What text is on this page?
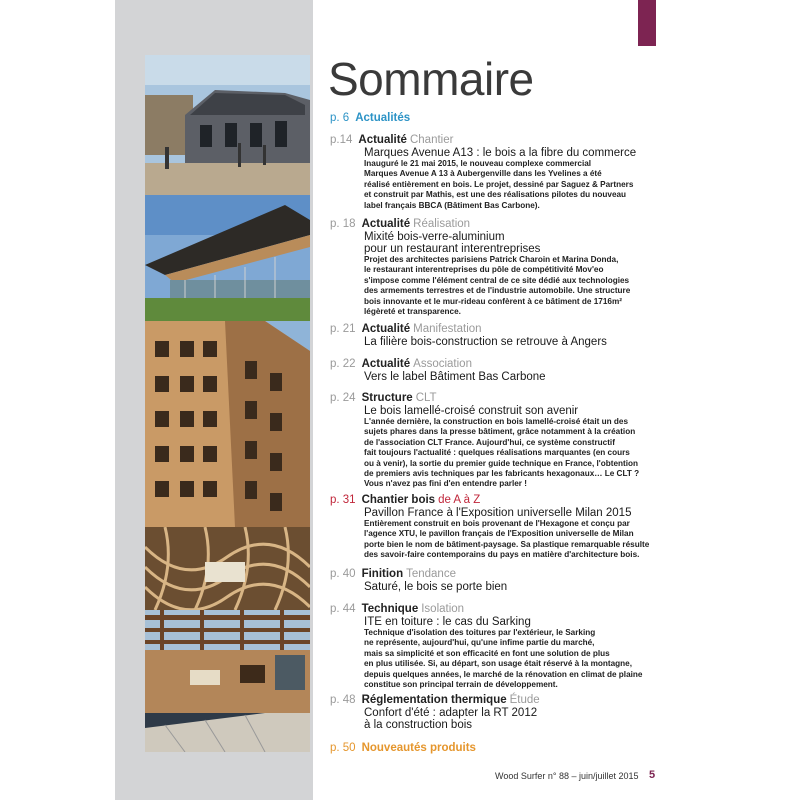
Sommaire
p. 6 Actualités
p.14 Actualité Chantier
Marques Avenue A13 : le bois a la fibre du commerce
Inauguré le 21 mai 2015, le nouveau complexe commercial
Marques Avenue A 13 à Aubergenville dans les Yvelines a été
réalisé entièrement en bois. Le projet, dessiné par Saguez & Partners
et construit par Mathis, est une des réalisations pilotes du nouveau
label français BBCA (Bâtiment Bas Carbone).
p. 18 Actualité Réalisation
Mixité bois-verre-aluminium
pour un restaurant interentreprises
Projet des architectes parisiens Patrick Charoin et Marina Donda,
le restaurant interentreprises du pôle de compétitivité Mov'eo
s'impose comme l'élément central de ce site dédié aux technologies
des armements terrestres et de l'industrie automobile. Une structure
bois innovante et le mur-rideau confèrent à ce bâtiment de 1716m²
légèreté et transparence.
p. 21 Actualité Manifestation
La filière bois-construction se retrouve à Angers
p. 22 Actualité Association
Vers le label Bâtiment Bas Carbone
p. 24 Structure CLT
Le bois lamellé-croisé construit son avenir
L'année dernière, la construction en bois lamellé-croisé était un des
sujets phares dans la presse bâtiment, grâce notamment à la création
de l'association CLT France. Aujourd'hui, ce système constructif
fait toujours l'actualité : quelques réalisations marquantes (en cours
ou à venir), la sortie du premier guide technique en France, l'obtention
de premiers avis techniques par les fabricants hexagonaux… Le CLT ?
Vous n'avez pas fini d'en entendre parler !
p. 31 Chantier bois de A à Z
Pavillon France à l'Exposition universelle Milan 2015
Entièrement construit en bois provenant de l'Hexagone et conçu par
l'agence XTU, le pavillon français de l'Exposition universelle de Milan
porte bien le nom de bâtiment-paysage. Sa plastique remarquable résulte
des savoir-faire contemporains du pays en matière d'architecture bois.
p. 40 Finition Tendance
Saturé, le bois se porte bien
p. 44 Technique Isolation
ITE en toiture : le cas du Sarking
Technique d'isolation des toitures par l'extérieur, le Sarking
ne représente, aujourd'hui, qu'une infime partie du marché,
mais sa simplicité et son efficacité en font une solution de plus
en plus utilisée. Si, au départ, son usage était réservé à la montagne,
depuis quelques années, le marché de la rénovation en climat de plaine
constitue son principal terrain de développement.
p. 48 Réglementation thermique Étude
Confort d'été : adapter la RT 2012
à la construction bois
p. 50 Nouveautés produits
Wood Surfer n° 88 – juin/juillet 2015 5
